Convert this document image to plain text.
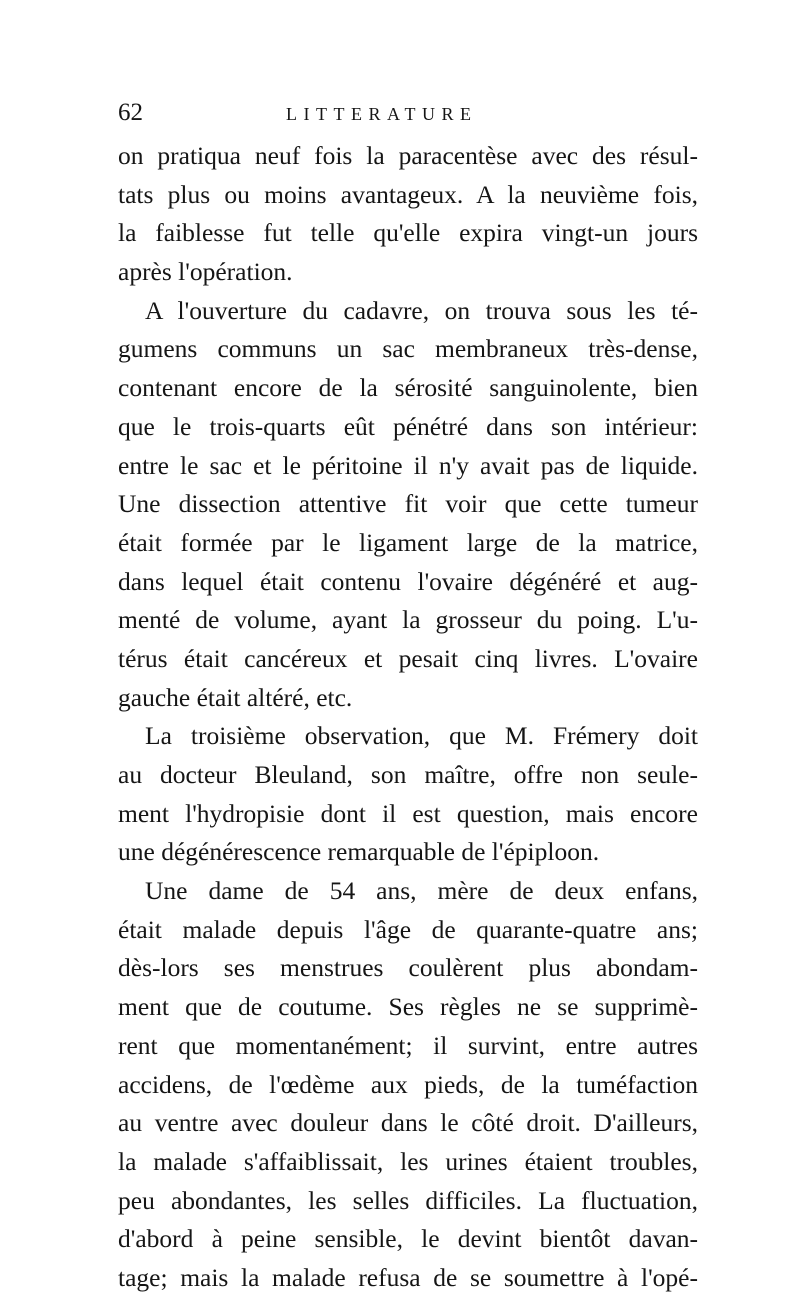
62	LITTERATURE
on pratiqua neuf fois la paracentèse avec des résul-
tats plus ou moins avantageux. A la neuvième fois,
la faiblesse fut telle qu'elle expira vingt-un jours
après l'opération.
A l'ouverture du cadavre, on trouva sous les té-
gumens communs un sac membraneux très-dense,
contenant encore de la sérosité sanguinolente, bien
que le trois-quarts eût pénétré dans son intérieur:
entre le sac et le péritoine il n'y avait pas de liquide.
Une dissection attentive fit voir que cette tumeur
était formée par le ligament large de la matrice,
dans lequel était contenu l'ovaire dégénéré et aug-
menté de volume, ayant la grosseur du poing. L'u-
térus était cancéreux et pesait cinq livres. L'ovaire
gauche était altéré, etc.
La troisième observation, que M. Frémery doit
au docteur Bleuland, son maître, offre non seule-
ment l'hydropisie dont il est question, mais encore
une dégénérescence remarquable de l'épiploon.
Une dame de 54 ans, mère de deux enfans,
était malade depuis l'âge de quarante-quatre ans;
dès-lors ses menstrues coulèrent plus abondam-
ment que de coutume. Ses règles ne se supprimè-
rent que momentanément; il survint, entre autres
accidens, de l'œdème aux pieds, de la tuméfaction
au ventre avec douleur dans le côté droit. D'ailleurs,
la malade s'affaiblissait, les urines étaient troubles,
peu abondantes, les selles difficiles. La fluctuation,
d'abord à peine sensible, le devint bientôt davan-
tage; mais la malade refusa de se soumettre à l'opé-
